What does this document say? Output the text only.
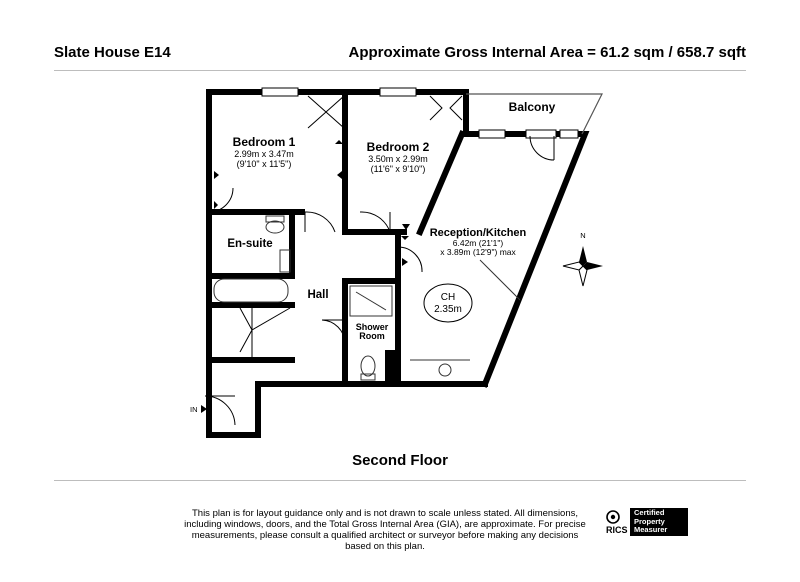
Slate House E14	Approximate Gross Internal Area = 61.2 sqm / 658.7 sqft
Bedroom 1
2.99m x 3.47m
(9'10" x 11'5")
Bedroom 2
3.50m x 2.99m
(11'6" x 9'10")
Balcony
Reception/Kitchen
6.42m (21'1")
x 3.89m (12'9") max
En-suite
Hall
Shower
Room
CH
2.35m
IN
N
Second Floor
This plan is for layout guidance only and is not drawn to scale unless stated. All dimensions, including windows, doors, and the Total Gross Internal Area (GIA), are approximate. For precise measurements, please consult a qualified architect or surveyor before making any decisions based on this plan.
RICS
Certified
Property
Measurer
